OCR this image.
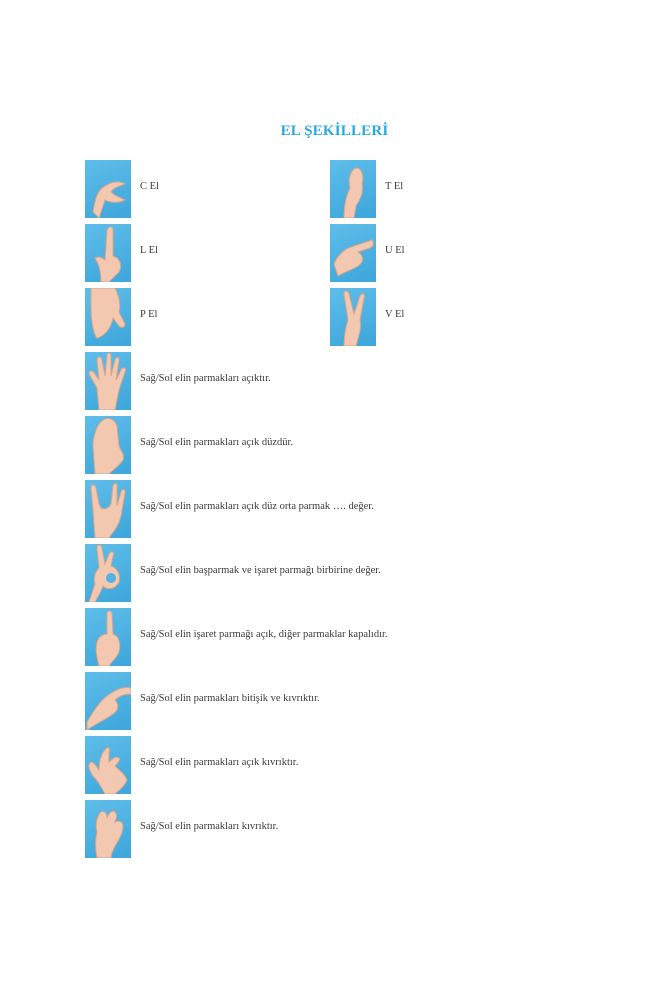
EL ŞEKİLLERİ
C El	T El
L El	U El
P El	V El
Sağ/Sol elin parmakları açıktır.
Sağ/Sol elin parmakları açık düzdür.
Sağ/Sol elin parmakları açık düz orta parmak …. değer.
Sağ/Sol elin başparmak ve işaret parmağı birbirine değer.
Sağ/Sol elin işaret parmağı açık, diğer parmaklar kapalıdır.
Sağ/Sol elin parmakları bitişik ve kıvrıktır.
Sağ/Sol elin parmakları açık kıvrıktır.
Sağ/Sol elin parmakları kıvrıktır.
